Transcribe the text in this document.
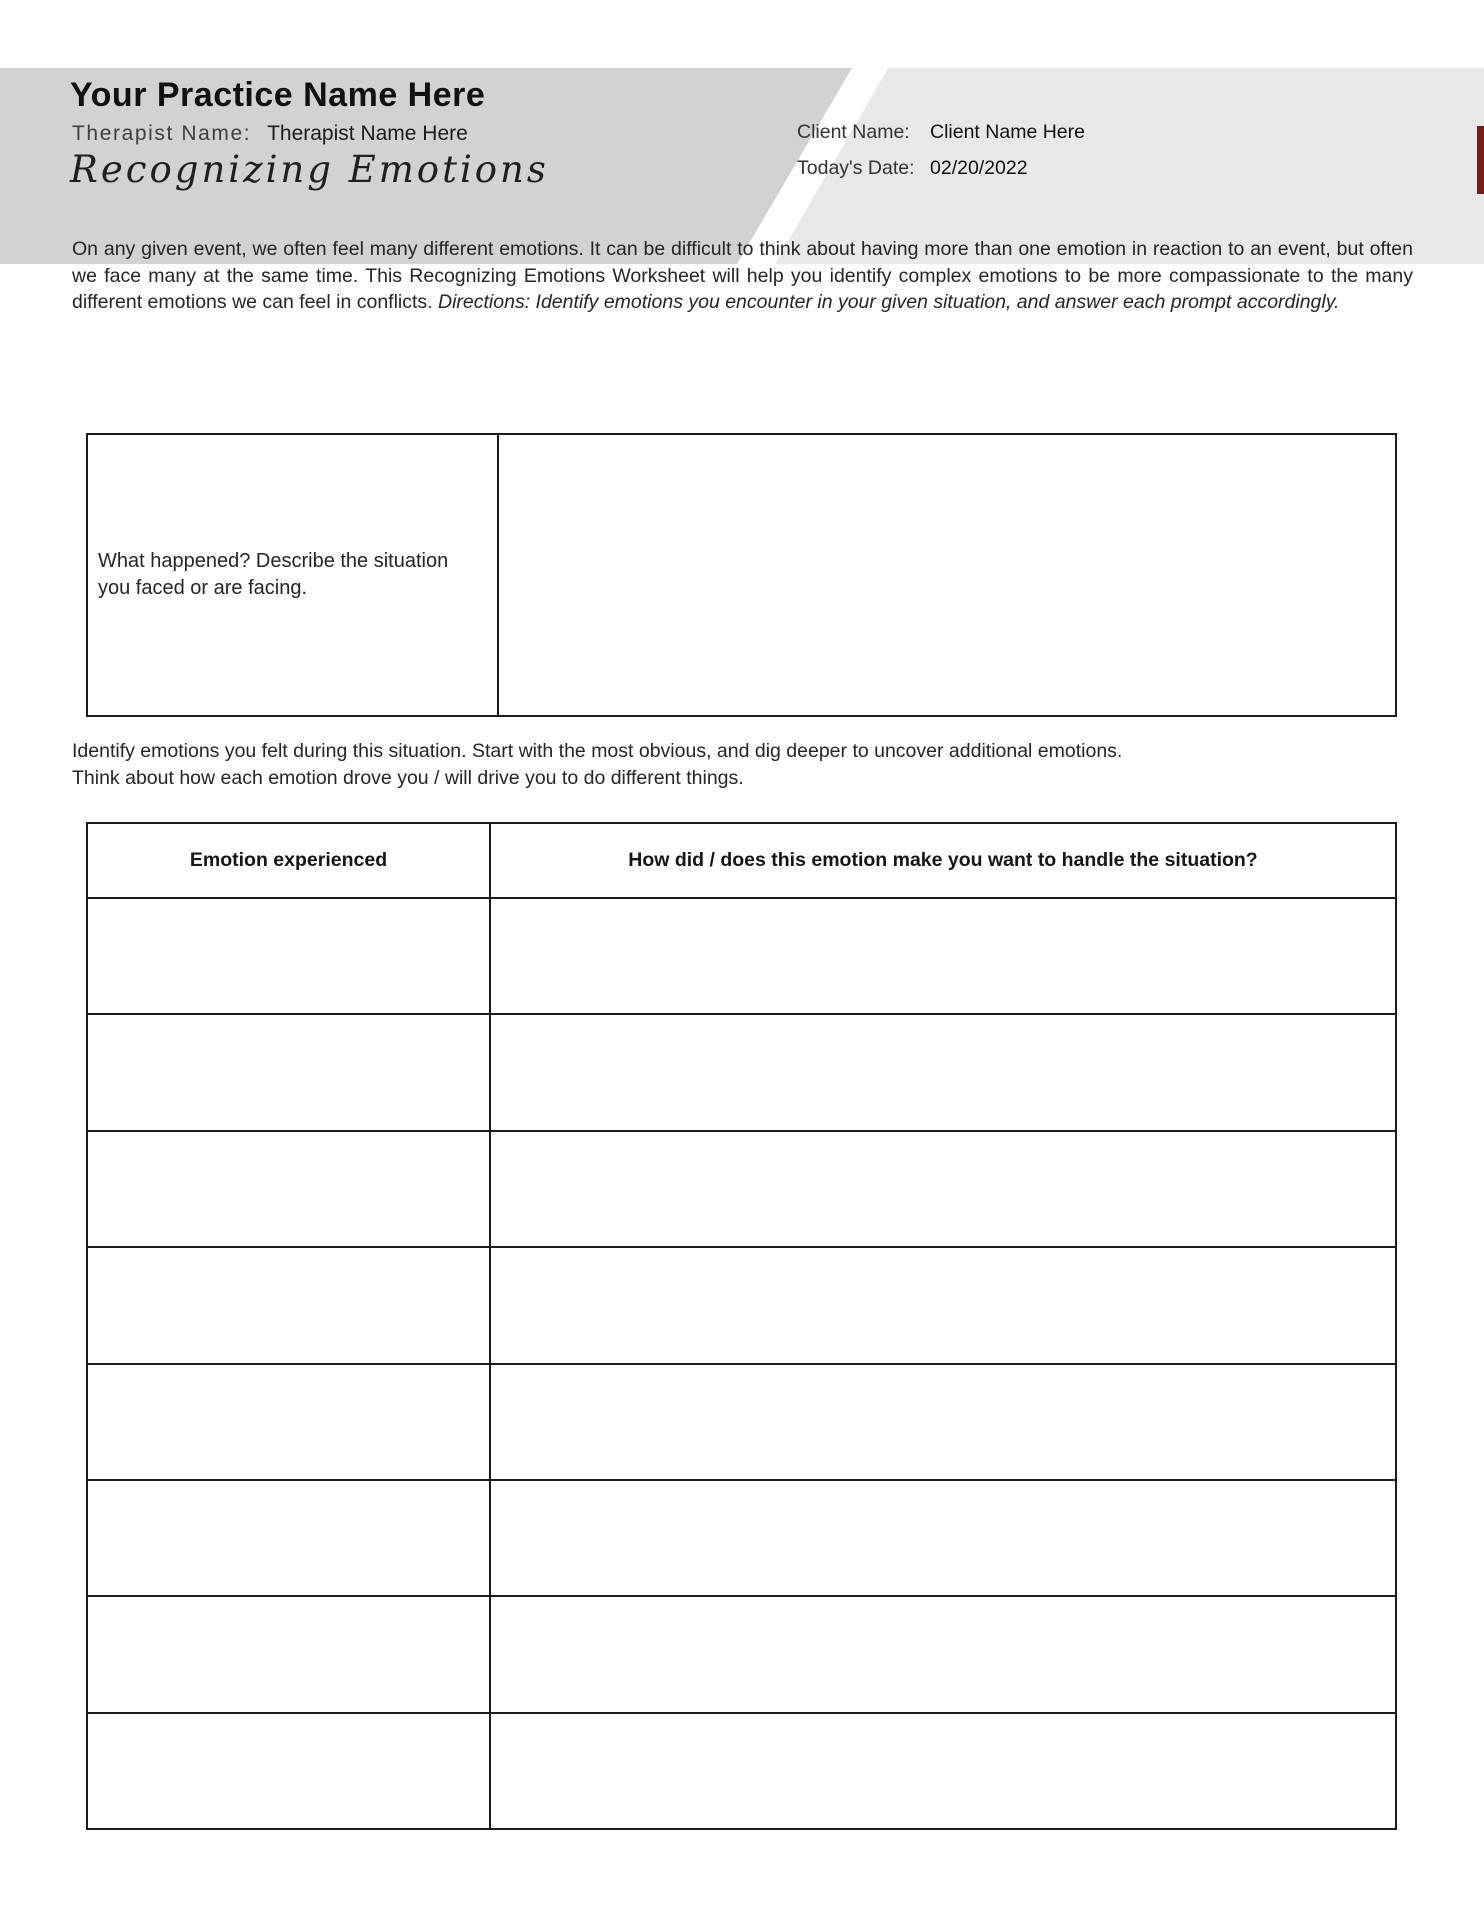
Your Practice Name Here
Therapist Name: Therapist Name Here
Recognizing Emotions
Client Name:	Client Name Here
Today's Date: 02/20/2022

On any given event, we often feel many different emotions. It can be difficult to think about having more than one emotion in reaction to an event, but often we face many at the same time. This Recognizing Emotions Worksheet will help you identify complex emotions to be more compassionate to the many different emotions we can feel in conflicts. Directions: Identify emotions you encounter in your given situation, and answer each prompt accordingly.

What happened? Describe the situation you faced or are facing.

Identify emotions you felt during this situation. Start with the most obvious, and dig deeper to uncover additional emotions.
Think about how each emotion drove you / will drive you to do different things.

Emotion experienced	How did / does this emotion make you want to handle the situation?
